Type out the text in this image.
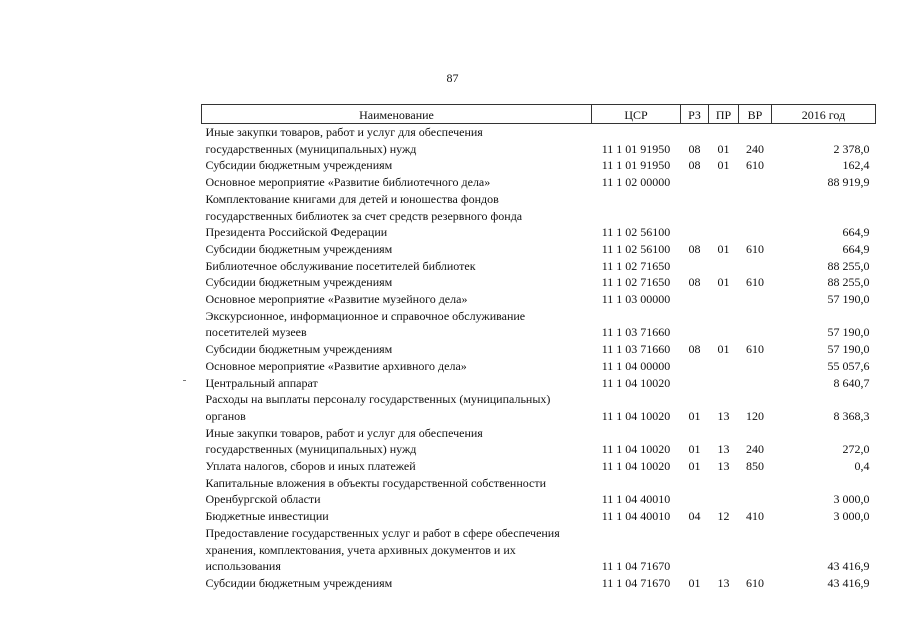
87
Наименование	ЦСР	РЗ	ПР	ВР	2016 год
Иные закупки товаров, работ и услуг для обеспечения					
государственных (муниципальных) нужд	11 1 01 91950	08	01	240	2 378,0
Субсидии бюджетным учреждениям	11 1 01 91950	08	01	610	162,4
Основное мероприятие «Развитие библиотечного дела»	11 1 02 00000				88 919,9
Комплектование книгами для детей и юношества фондов					
государственных библиотек за счет средств резервного фонда					
Президента Российской Федерации	11 1 02 56100				664,9
Субсидии бюджетным учреждениям	11 1 02 56100	08	01	610	664,9
Библиотечное обслуживание посетителей библиотек	11 1 02 71650				88 255,0
Субсидии бюджетным учреждениям	11 1 02 71650	08	01	610	88 255,0
Основное мероприятие «Развитие музейного дела»	11 1 03 00000				57 190,0
Экскурсионное, информационное и справочное обслуживание					
посетителей музеев	11 1 03 71660				57 190,0
Субсидии бюджетным учреждениям	11 1 03 71660	08	01	610	57 190,0
Основное мероприятие «Развитие архивного дела»	11 1 04 00000				55 057,6
Центральный аппарат	11 1 04 10020				8 640,7
Расходы на выплаты персоналу государственных (муниципальных)					
органов	11 1 04 10020	01	13	120	8 368,3
Иные закупки товаров, работ и услуг для обеспечения					
государственных (муниципальных) нужд	11 1 04 10020	01	13	240	272,0
Уплата налогов, сборов и иных платежей	11 1 04 10020	01	13	850	0,4
Капитальные вложения в объекты государственной собственности					
Оренбургской области	11 1 04 40010				3 000,0
Бюджетные инвестиции	11 1 04 40010	04	12	410	3 000,0
Предоставление государственных услуг и работ в сфере обеспечения					
хранения, комплектования, учета архивных документов и их					
использования	11 1 04 71670				43 416,9
Субсидии бюджетным учреждениям	11 1 04 71670	01	13	610	43 416,9
